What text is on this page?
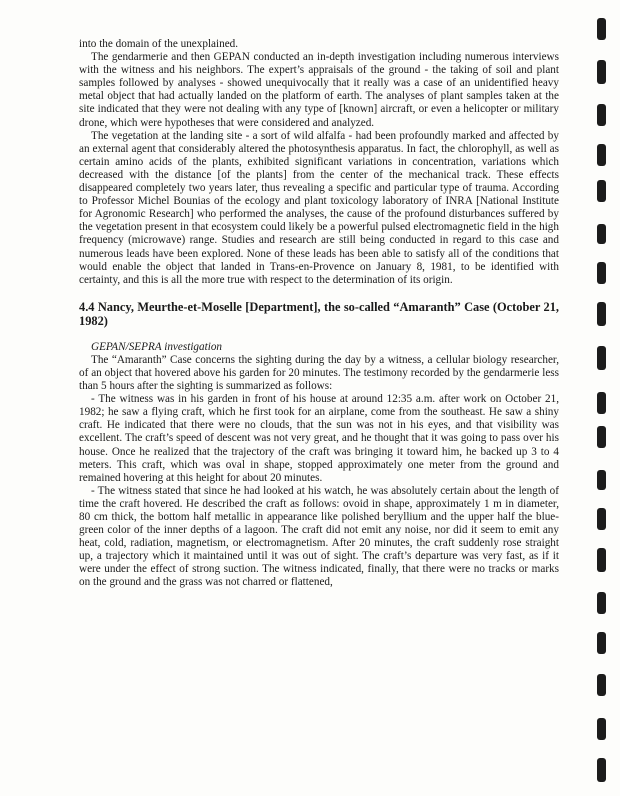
into the domain of the unexplained.

The gendarmerie and then GEPAN conducted an in-depth investigation including numerous interviews with the witness and his neighbors. The expert’s appraisals of the ground - the taking of soil and plant samples followed by analyses - showed unequivocally that it really was a case of an unidentified heavy metal object that had actually landed on the platform of earth. The analyses of plant samples taken at the site indicated that they were not dealing with any type of [known] aircraft, or even a helicopter or military drone, which were hypotheses that were considered and analyzed.

The vegetation at the landing site - a sort of wild alfalfa - had been profoundly marked and affected by an external agent that considerably altered the photosynthesis apparatus. In fact, the chlorophyll, as well as certain amino acids of the plants, exhibited significant variations in concentration, variations which decreased with the distance [of the plants] from the center of the mechanical track. These effects disappeared completely two years later, thus revealing a specific and particular type of trauma. According to Professor Michel Bounias of the ecology and plant toxicology laboratory of INRA [National Institute for Agronomic Research] who performed the analyses, the cause of the profound disturbances suffered by the vegetation present in that ecosystem could likely be a powerful pulsed electromagnetic field in the high frequency (microwave) range. Studies and research are still being conducted in regard to this case and numerous leads have been explored. None of these leads has been able to satisfy all of the conditions that would enable the object that landed in Trans-en-Provence on January 8, 1981, to be identified with certainty, and this is all the more true with respect to the determination of its origin.

4.4 Nancy, Meurthe-et-Moselle [Department], the so-called “Amaranth” Case (October 21, 1982)

GEPAN/SEPRA investigation

The “Amaranth” Case concerns the sighting during the day by a witness, a cellular biology researcher, of an object that hovered above his garden for 20 minutes. The testimony recorded by the gendarmerie less than 5 hours after the sighting is summarized as follows:

- The witness was in his garden in front of his house at around 12:35 a.m. after work on October 21, 1982; he saw a flying craft, which he first took for an airplane, come from the southeast. He saw a shiny craft. He indicated that there were no clouds, that the sun was not in his eyes, and that visibility was excellent. The craft’s speed of descent was not very great, and he thought that it was going to pass over his house. Once he realized that the trajectory of the craft was bringing it toward him, he backed up 3 to 4 meters. This craft, which was oval in shape, stopped approximately one meter from the ground and remained hovering at this height for about 20 minutes.

- The witness stated that since he had looked at his watch, he was absolutely certain about the length of time the craft hovered. He described the craft as follows: ovoid in shape, approximately 1 m in diameter, 80 cm thick, the bottom half metallic in appearance like polished beryllium and the upper half the blue-green color of the inner depths of a lagoon. The craft did not emit any noise, nor did it seem to emit any heat, cold, radiation, magnetism, or electromagnetism. After 20 minutes, the craft suddenly rose straight up, a trajectory which it maintained until it was out of sight. The craft’s departure was very fast, as if it were under the effect of strong suction. The witness indicated, finally, that there were no tracks or marks on the ground and the grass was not charred or flattened,
